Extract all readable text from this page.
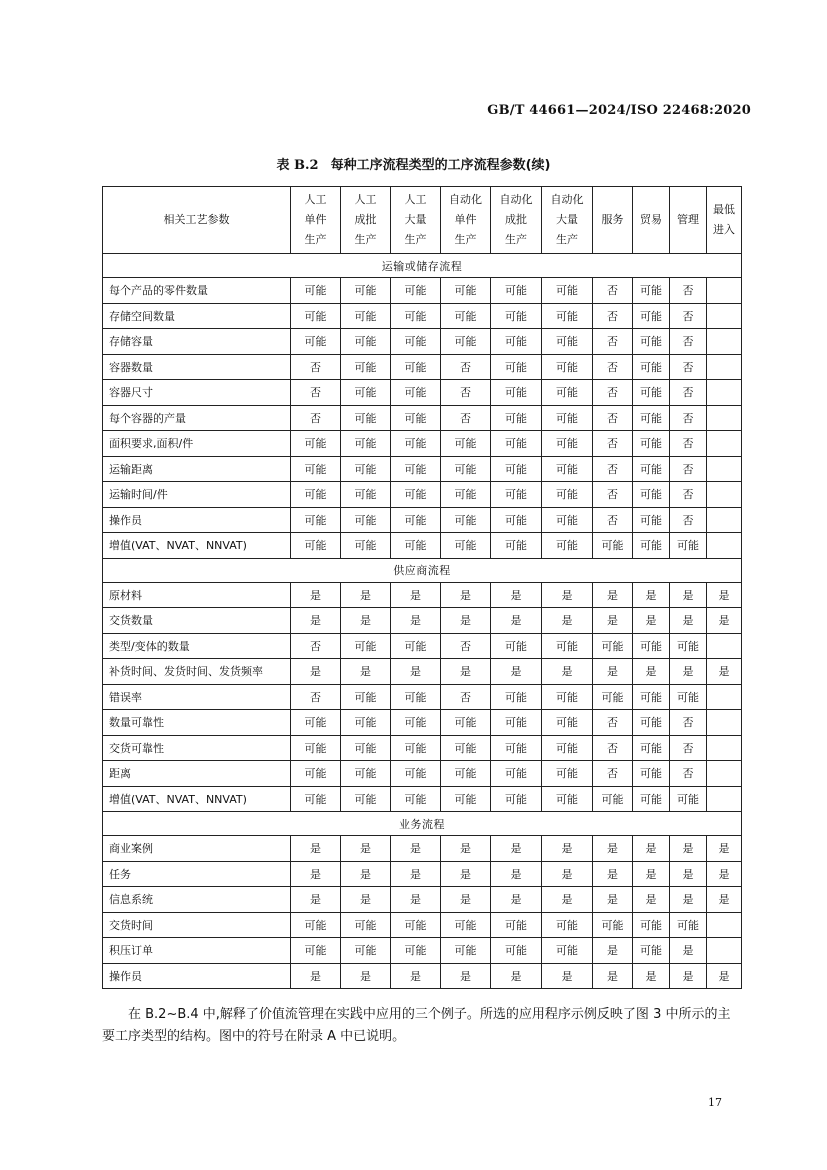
GB/T 44661—2024/ISO 22468:2020
表 B.2 每种工序流程类型的工序流程参数(续)
相关工艺参数	人工
单件
生产	人工
成批
生产	人工
大量
生产	自动化
单件
生产	自动化
成批
生产	自动化
大量
生产	服务	贸易	管理	最低
进入
运输或储存流程										
每个产品的零件数量	可能	可能	可能	可能	可能	可能	否	可能	否	
存储空间数量	可能	可能	可能	可能	可能	可能	否	可能	否	
存储容量	可能	可能	可能	可能	可能	可能	否	可能	否	
容器数量	否	可能	可能	否	可能	可能	否	可能	否	
容器尺寸	否	可能	可能	否	可能	可能	否	可能	否	
每个容器的产量	否	可能	可能	否	可能	可能	否	可能	否	
面积要求,面积/件	可能	可能	可能	可能	可能	可能	否	可能	否	
运输距离	可能	可能	可能	可能	可能	可能	否	可能	否	
运输时间/件	可能	可能	可能	可能	可能	可能	否	可能	否	
操作员	可能	可能	可能	可能	可能	可能	否	可能	否	
增值(VAT、NVAT、NNVAT)	可能	可能	可能	可能	可能	可能	可能	可能	可能	
供应商流程										
原材料	是	是	是	是	是	是	是	是	是	是
交货数量	是	是	是	是	是	是	是	是	是	是
类型/变体的数量	否	可能	可能	否	可能	可能	可能	可能	可能	
补货时间、发货时间、发货频率	是	是	是	是	是	是	是	是	是	是
错误率	否	可能	可能	否	可能	可能	可能	可能	可能	
数量可靠性	可能	可能	可能	可能	可能	可能	否	可能	否	
交货可靠性	可能	可能	可能	可能	可能	可能	否	可能	否	
距离	可能	可能	可能	可能	可能	可能	否	可能	否	
增值(VAT、NVAT、NNVAT)	可能	可能	可能	可能	可能	可能	可能	可能	可能	
业务流程										
商业案例	是	是	是	是	是	是	是	是	是	是
任务	是	是	是	是	是	是	是	是	是	是
信息系统	是	是	是	是	是	是	是	是	是	是
交货时间	可能	可能	可能	可能	可能	可能	可能	可能	可能	
积压订单	可能	可能	可能	可能	可能	可能	是	可能	是	
操作员	是	是	是	是	是	是	是	是	是	是

在 B.2~B.4 中,解释了价值流管理在实践中应用的三个例子。所选的应用程序示例反映了图 3 中所示的主要工序类型的结构。图中的符号在附录 A 中已说明。

17
